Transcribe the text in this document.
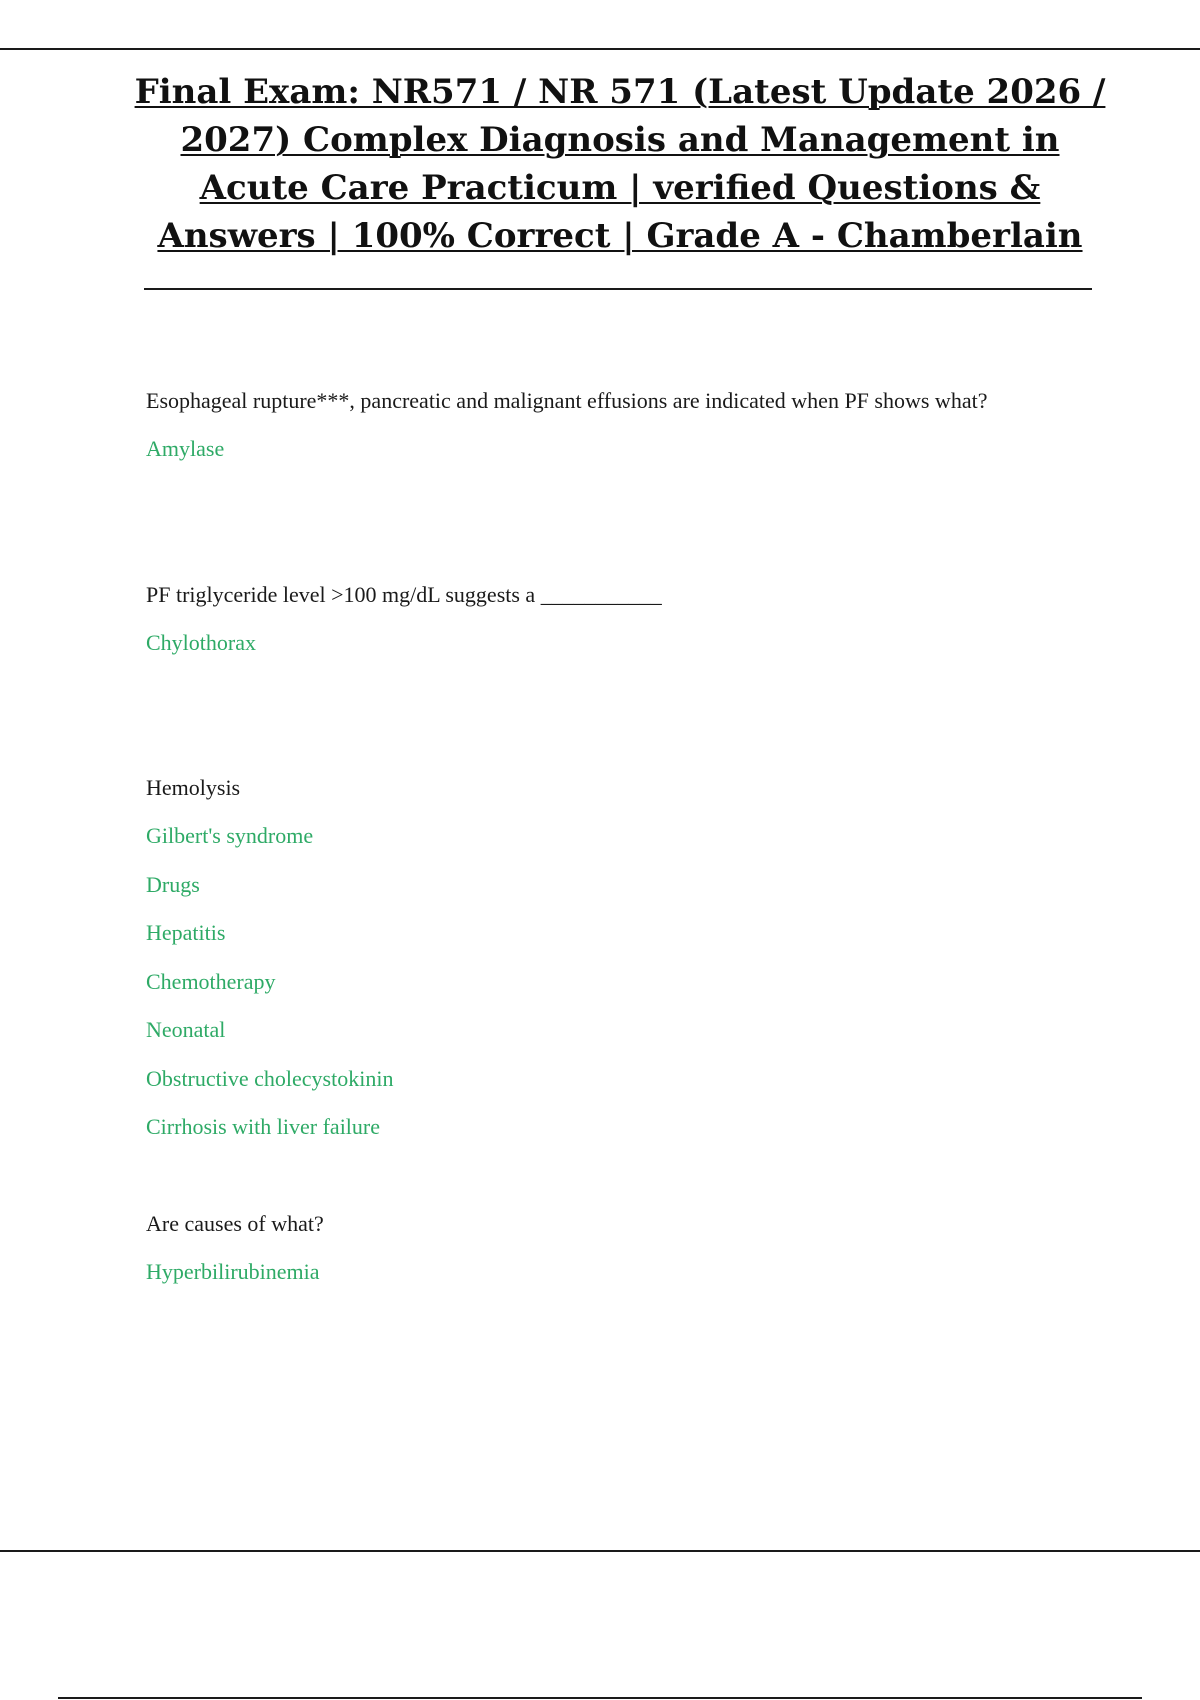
Final Exam: NR571 / NR 571 (Latest Update 2026 / 2027) Complex Diagnosis and Management in Acute Care Practicum | verified Questions & Answers | 100% Correct | Grade A - Chamberlain

Esophageal rupture***, pancreatic and malignant effusions are indicated when PF shows what?

Amylase

PF triglyceride level >100 mg/dL suggests a ___________

Chylothorax

Hemolysis

Gilbert's syndrome

Drugs

Hepatitis

Chemotherapy

Neonatal

Obstructive cholecystokinin

Cirrhosis with liver failure

Are causes of what?

Hyperbilirubinemia
